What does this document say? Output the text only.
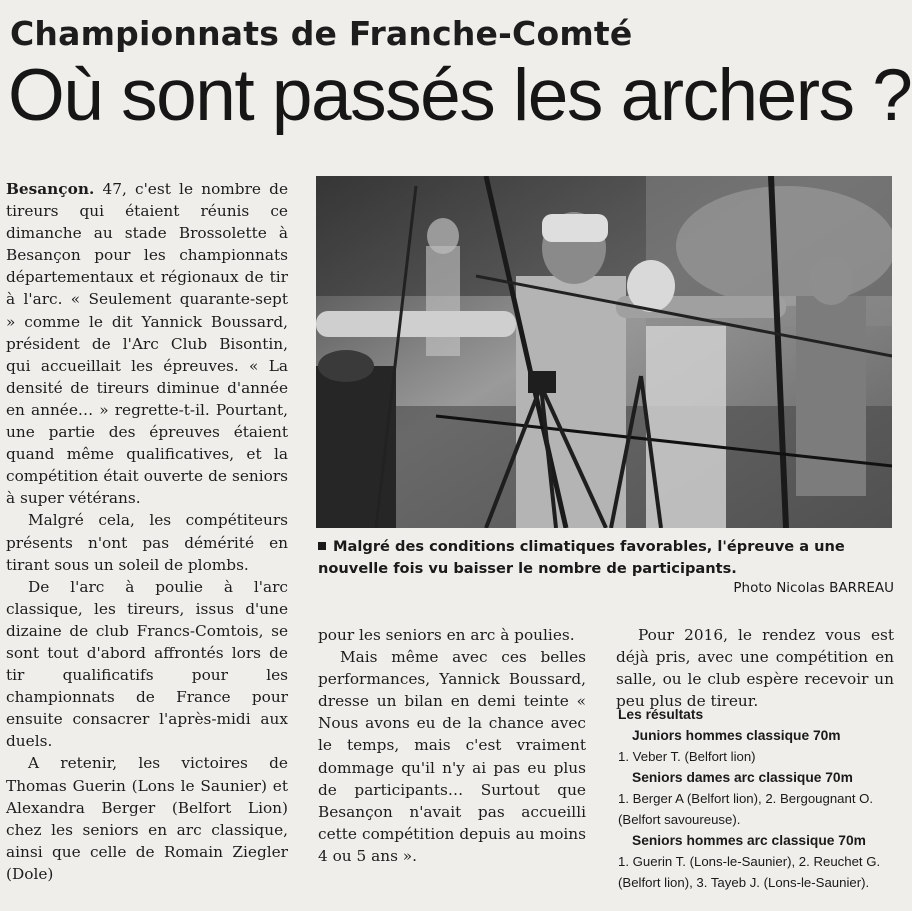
Championnats de Franche-Comté
Où sont passés les archers ?

Besançon. 47, c'est le nombre de tireurs qui étaient réunis ce dimanche au stade Brossolette à Besançon pour les championnats départementaux et régionaux de tir à l'arc. « Seulement quarante-sept » comme le dit Yannick Boussard, président de l'Arc Club Bisontin, qui accueillait les épreuves. « La densité de tireurs diminue d'année en année… » regrette-t-il. Pourtant, une partie des épreuves étaient quand même qualificatives, et la compétition était ouverte de seniors à super vétérans.

Malgré cela, les compétiteurs présents n'ont pas démérité en tirant sous un soleil de plombs.

De l'arc à poulie à l'arc classique, les tireurs, issus d'une dizaine de club Francs-Comtois, se sont tout d'abord affrontés lors de tir qualificatifs pour les championnats de France pour ensuite consacrer l'après-midi aux duels.

A retenir, les victoires de Thomas Guerin (Lons le Saunier) et Alexandra Berger (Belfort Lion) chez les seniors en arc classique, ainsi que celle de Romain Ziegler (Dole)

Malgré des conditions climatiques favorables, l'épreuve a une nouvelle fois vu baisser le nombre de participants.
Photo Nicolas BARREAU

pour les seniors en arc à poulies.

Mais même avec ces belles performances, Yannick Boussard, dresse un bilan en demi teinte « Nous avons eu de la chance avec le temps, mais c'est vraiment dommage qu'il n'y ai pas eu plus de participants… Surtout que Besançon n'avait pas accueilli cette compétition depuis au moins 4 ou 5 ans ».

Pour 2016, le rendez vous est déjà pris, avec une compétition en salle, ou le club espère recevoir un peu plus de tireur.

Les résultats
Juniors hommes classique 70m
1. Veber T. (Belfort lion)
Seniors dames arc classique 70m
1. Berger A (Belfort lion), 2. Bergougnant O. (Belfort savoureuse).
Seniors hommes arc classique 70m
1. Guerin T. (Lons-le-Saunier), 2. Reuchet G. (Belfort lion), 3. Tayeb J. (Lons-le-Saunier).
